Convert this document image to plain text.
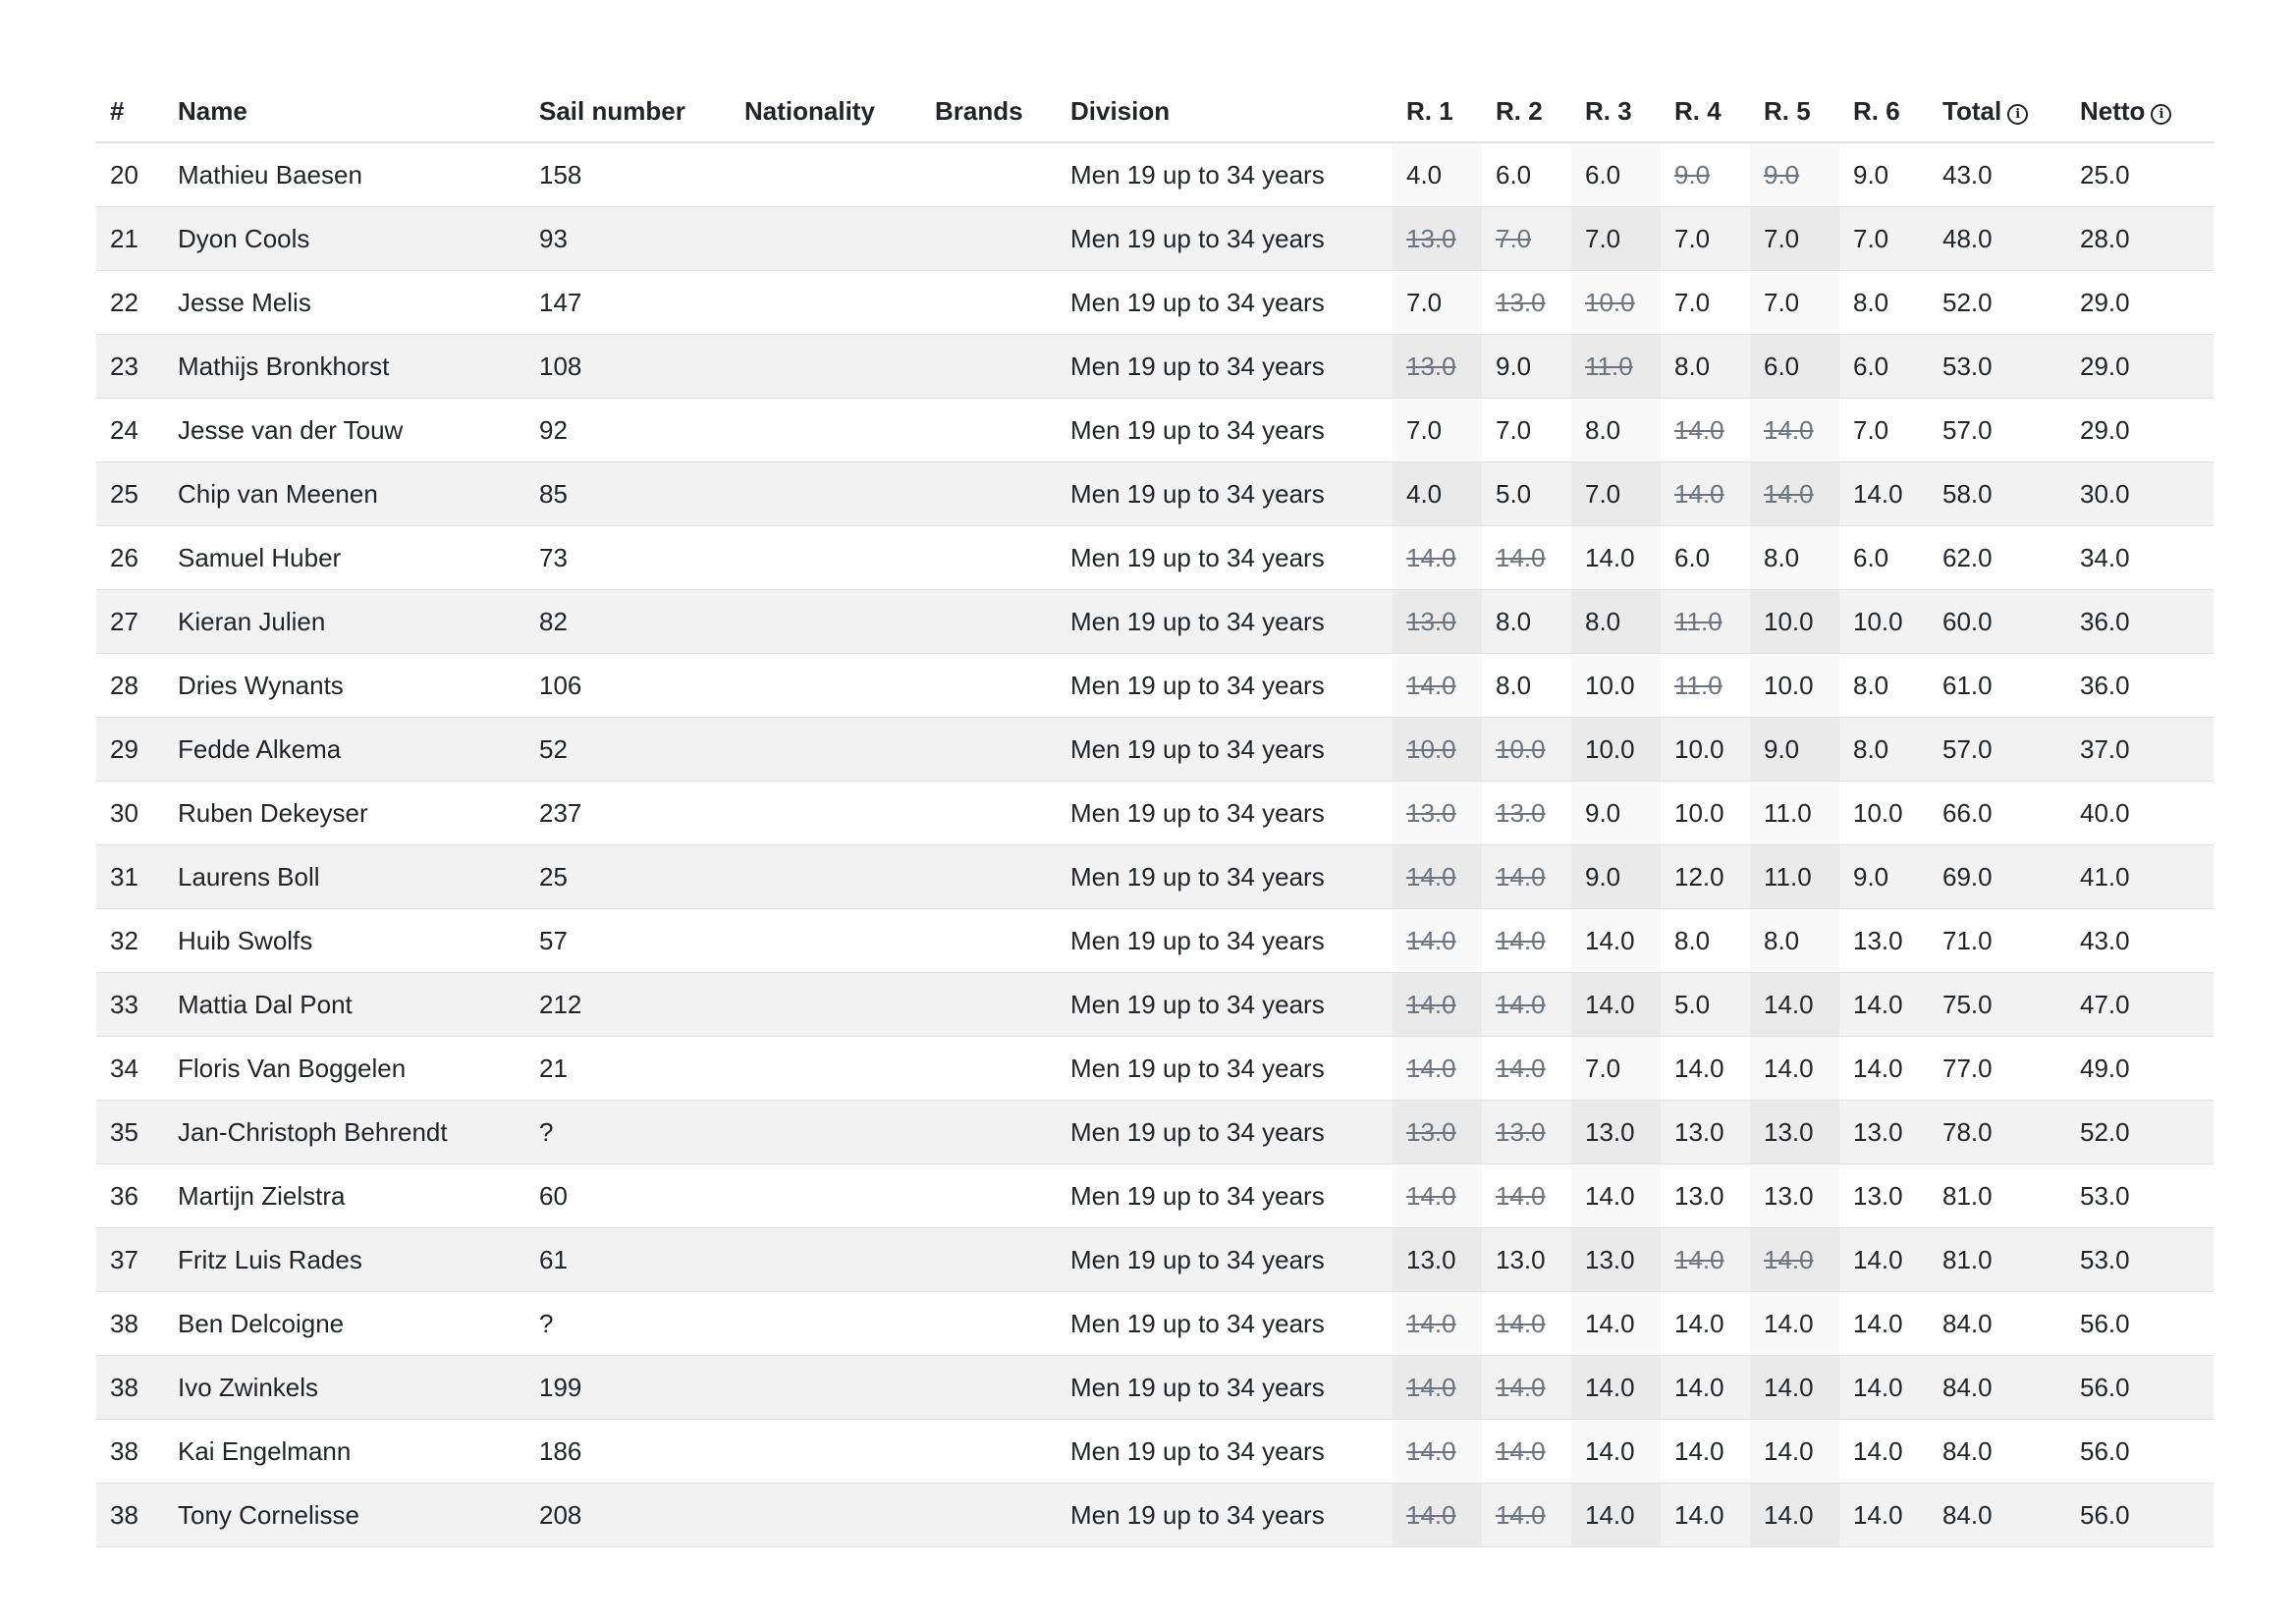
#	Name	Sail number	Nationality	Brands	Division	R. 1	R. 2	R. 3	R. 4	R. 5	R. 6	Total i	Netto i
20	Mathieu Baesen	158			Men 19 up to 34 years	4.0	6.0	6.0	9.0	9.0	9.0	43.0	25.0
21	Dyon Cools	93			Men 19 up to 34 years	13.0	7.0	7.0	7.0	7.0	7.0	48.0	28.0
22	Jesse Melis	147			Men 19 up to 34 years	7.0	13.0	10.0	7.0	7.0	8.0	52.0	29.0
23	Mathijs Bronkhorst	108			Men 19 up to 34 years	13.0	9.0	11.0	8.0	6.0	6.0	53.0	29.0
24	Jesse van der Touw	92			Men 19 up to 34 years	7.0	7.0	8.0	14.0	14.0	7.0	57.0	29.0
25	Chip van Meenen	85			Men 19 up to 34 years	4.0	5.0	7.0	14.0	14.0	14.0	58.0	30.0
26	Samuel Huber	73			Men 19 up to 34 years	14.0	14.0	14.0	6.0	8.0	6.0	62.0	34.0
27	Kieran Julien	82			Men 19 up to 34 years	13.0	8.0	8.0	11.0	10.0	10.0	60.0	36.0
28	Dries Wynants	106			Men 19 up to 34 years	14.0	8.0	10.0	11.0	10.0	8.0	61.0	36.0
29	Fedde Alkema	52			Men 19 up to 34 years	10.0	10.0	10.0	10.0	9.0	8.0	57.0	37.0
30	Ruben Dekeyser	237			Men 19 up to 34 years	13.0	13.0	9.0	10.0	11.0	10.0	66.0	40.0
31	Laurens Boll	25			Men 19 up to 34 years	14.0	14.0	9.0	12.0	11.0	9.0	69.0	41.0
32	Huib Swolfs	57			Men 19 up to 34 years	14.0	14.0	14.0	8.0	8.0	13.0	71.0	43.0
33	Mattia Dal Pont	212			Men 19 up to 34 years	14.0	14.0	14.0	5.0	14.0	14.0	75.0	47.0
34	Floris Van Boggelen	21			Men 19 up to 34 years	14.0	14.0	7.0	14.0	14.0	14.0	77.0	49.0
35	Jan-Christoph Behrendt	?			Men 19 up to 34 years	13.0	13.0	13.0	13.0	13.0	13.0	78.0	52.0
36	Martijn Zielstra	60			Men 19 up to 34 years	14.0	14.0	14.0	13.0	13.0	13.0	81.0	53.0
37	Fritz Luis Rades	61			Men 19 up to 34 years	13.0	13.0	13.0	14.0	14.0	14.0	81.0	53.0
38	Ben Delcoigne	?			Men 19 up to 34 years	14.0	14.0	14.0	14.0	14.0	14.0	84.0	56.0
38	Ivo Zwinkels	199			Men 19 up to 34 years	14.0	14.0	14.0	14.0	14.0	14.0	84.0	56.0
38	Kai Engelmann	186			Men 19 up to 34 years	14.0	14.0	14.0	14.0	14.0	14.0	84.0	56.0
38	Tony Cornelisse	208			Men 19 up to 34 years	14.0	14.0	14.0	14.0	14.0	14.0	84.0	56.0
